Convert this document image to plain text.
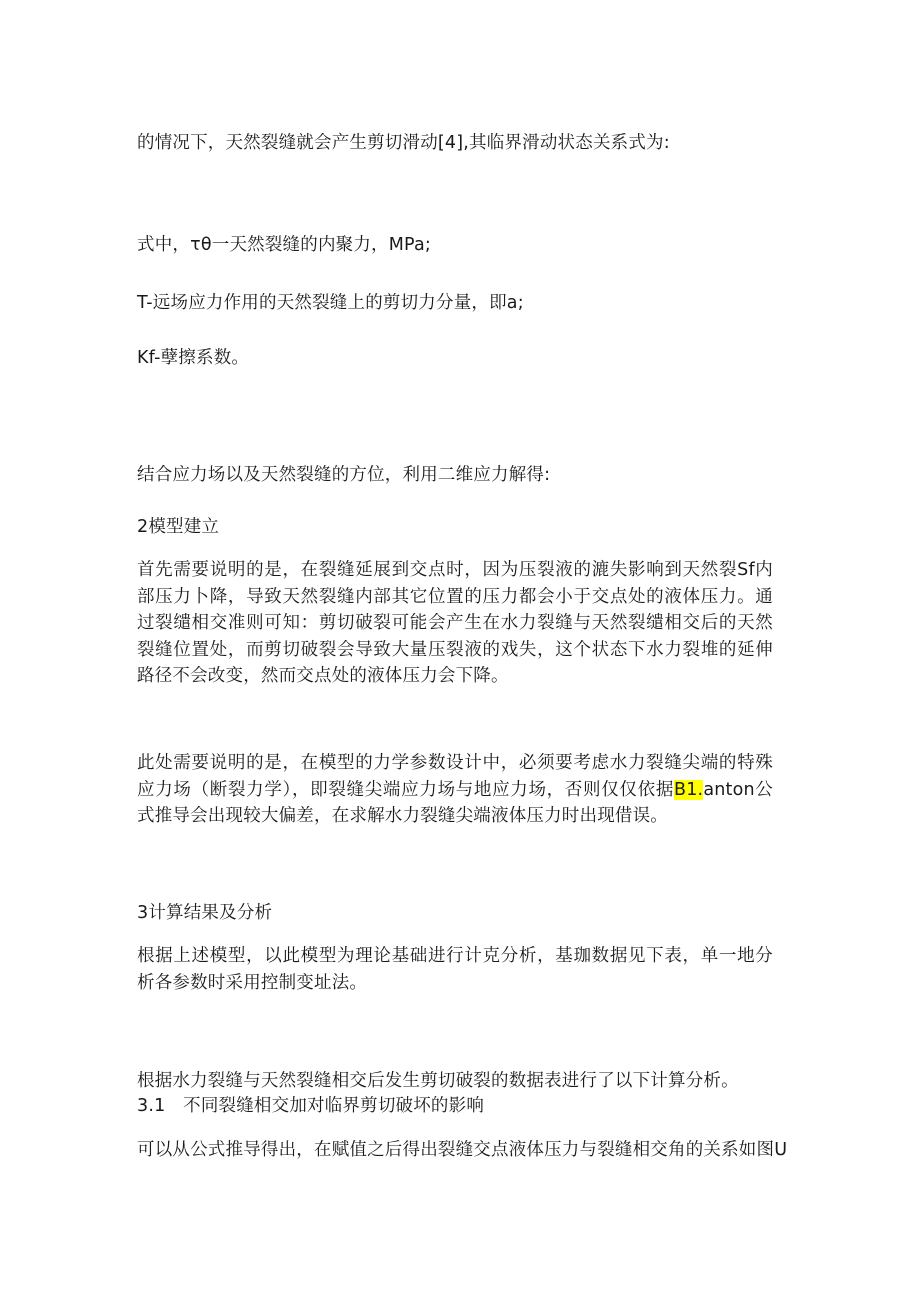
的情况下，天然裂缝就会产生剪切滑动[4],其临界滑动状态关系式为:
式中，τθ一天然裂缝的内聚力，MPa;
T-远场应力作用的天然裂缝上的剪切力分量，即a;
Kf-孽擦系数。
结合应力场以及天然裂缝的方位，利用二维应力解得:
2模型建立
首先需要说明的是，在裂缝延展到交点时，因为压裂液的漉失影响到天然裂Sf内部压力卜降，导致天然裂缝内部其它位置的压力都会小于交点处的液体压力。通过裂缱相交准则可知：剪切破裂可能会产生在水力裂缝与天然裂缱相交后的天然裂缝位置处，而剪切破裂会导致大量压裂液的戏失，这个状态下水力裂堆的延伸路径不会改变，然而交点处的液体压力会下降。
此处需要说明的是，在模型的力学参数设计中，必须要考虑水力裂缝尖端的特殊应力场（断裂力学），即裂缝尖端应力场与地应力场，否则仅仅依据B1.anton公式推导会出现较大偏差，在求解水力裂缝尖端液体压力时出现借误。
3计算结果及分析
根据上述模型，以此模型为理论基础进行计克分析，基珈数据见下表，单一地分析各参数时采用控制变址法。
根据水力裂缝与天然裂缝相交后发生剪切破裂的数据表进行了以下计算分析。
3.1　不同裂缝相交加对临界剪切破坏的影响
可以从公式推导得出，在赋值之后得出裂缝交点液体压力与裂缝相交角的关系如图U
